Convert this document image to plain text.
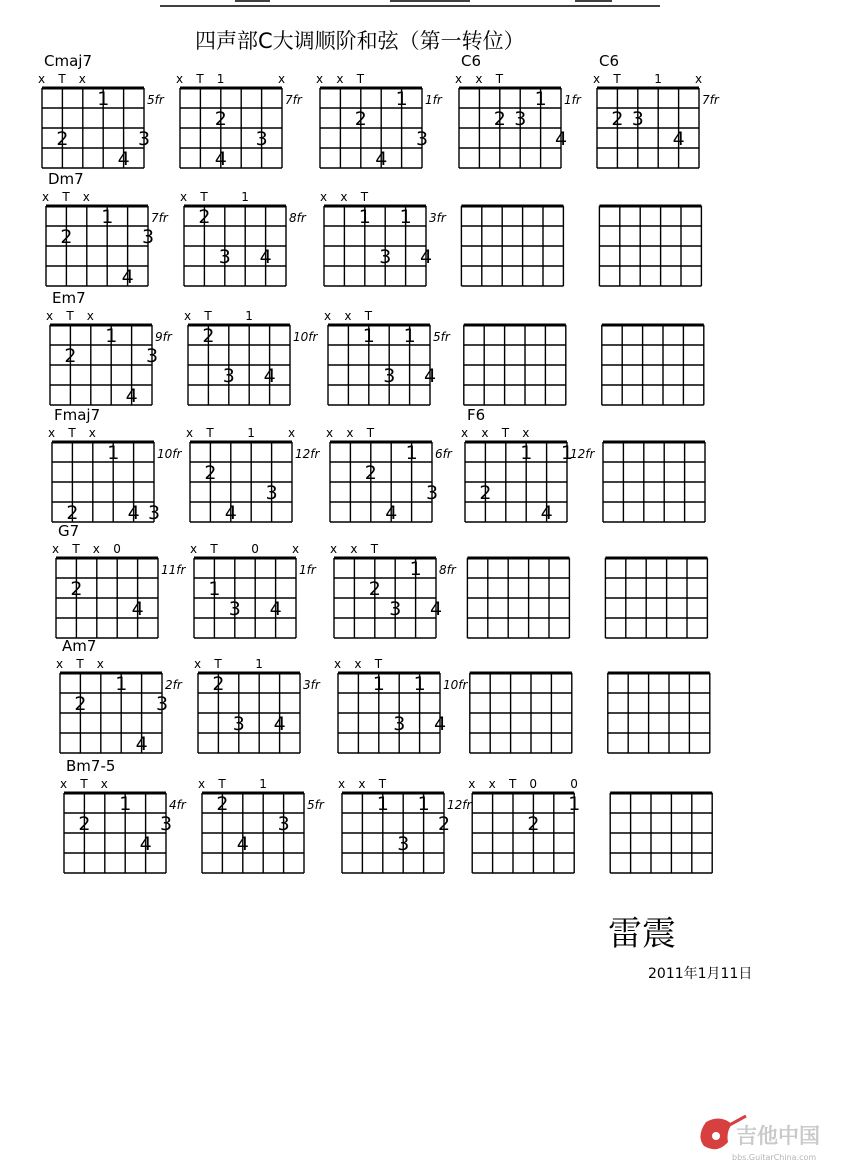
四声部C大调顺阶和弦（第一转位）
Cmaj7
5fr
x T x
1
2	3
4
7fr
x T 1	x
2
3
4
1fr
x x T
1
2
3
4
C6
1fr
x x T
1
2 3
4
C6
7fr
x T	1	x
2 3
4
Dm7
7fr
x T x
1
2	3
4
8fr
x T	1
2
3 4
3fr
x x T
1 1
3 4
Em7
9fr
x T x
1
2	3
4
10fr
x T	1
2
3 4
5fr
x x T
1 1
3 4
Fmaj7
10fr
x T x
1
2	3
4
12fr
x T	1	x
2
3
4
6fr
x x T
1
2
3
4
F6
12fr
x x T x
1 1
2
4
G7
11fr
x T x 0
2
4
1fr
x T	0	x
1
3 4
8fr
x x T
1
2
3 4
Am7
2fr
x T x
1
2	3
4
3fr
x T	1
2
3 4
10fr
x x T
1 1
3 4
Bm7-5
4fr
x T x
1
2	3
4
5fr
x T	1
2
3
4
12fr
x x T
1 1
2
3
x x T 0	0
2
1
雷震
2011年1月11日
吉他中国
bbs.GuitarChina.com
